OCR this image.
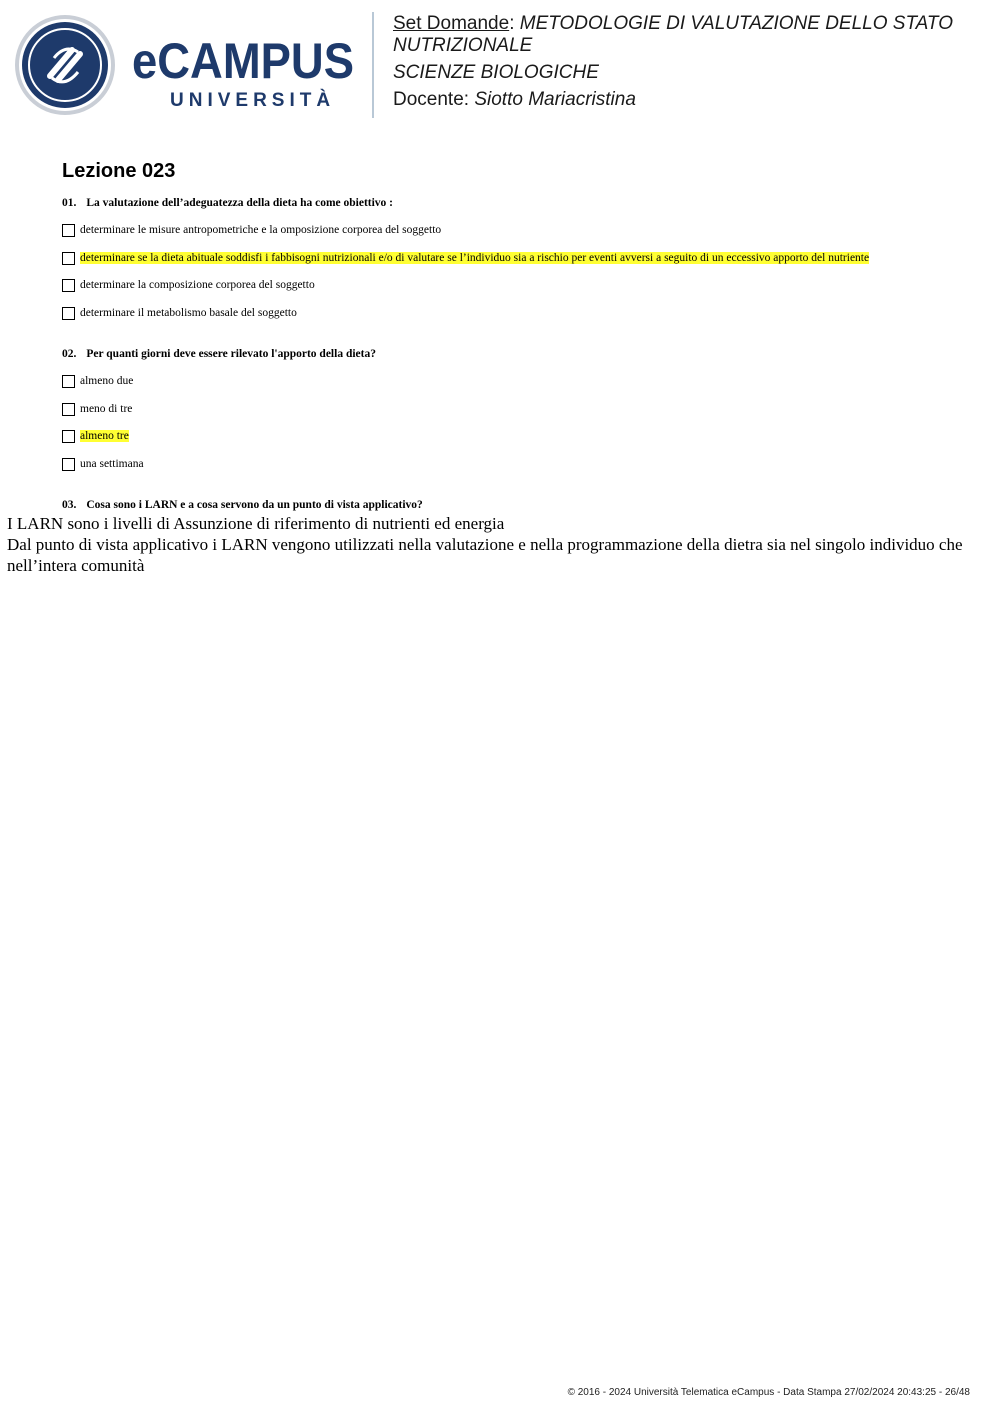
eCAMPUS
UNIVERSITÀ
Set Domande: METODOLOGIE DI VALUTAZIONE DELLO STATO NUTRIZIONALE
SCIENZE BIOLOGICHE
Docente: Siotto Mariacristina
Lezione 023
01. La valutazione dell’adeguatezza della dieta ha come obiettivo :
determinare le misure antropometriche e la omposizione corporea del soggetto
determinare se la dieta abituale soddisfi i fabbisogni nutrizionali e/o di valutare se l’individuo sia a rischio per eventi avversi a seguito di un eccessivo apporto del nutriente
determinare la composizione corporea del soggetto
determinare il metabolismo basale del soggetto
02. Per quanti giorni deve essere rilevato l'apporto della dieta?
almeno due
meno di tre
almeno tre
una settimana
03. Cosa sono i LARN e a cosa servono da un punto di vista applicativo?

I LARN sono i livelli di Assunzione di riferimento di nutrienti ed energia

Dal punto di vista applicativo i LARN vengono utilizzati nella valutazione e nella programmazione della dietra sia nel singolo individuo che nell’intera comunità

© 2016 - 2024 Università Telematica eCampus - Data Stampa 27/02/2024 20:43:25 - 26/48
